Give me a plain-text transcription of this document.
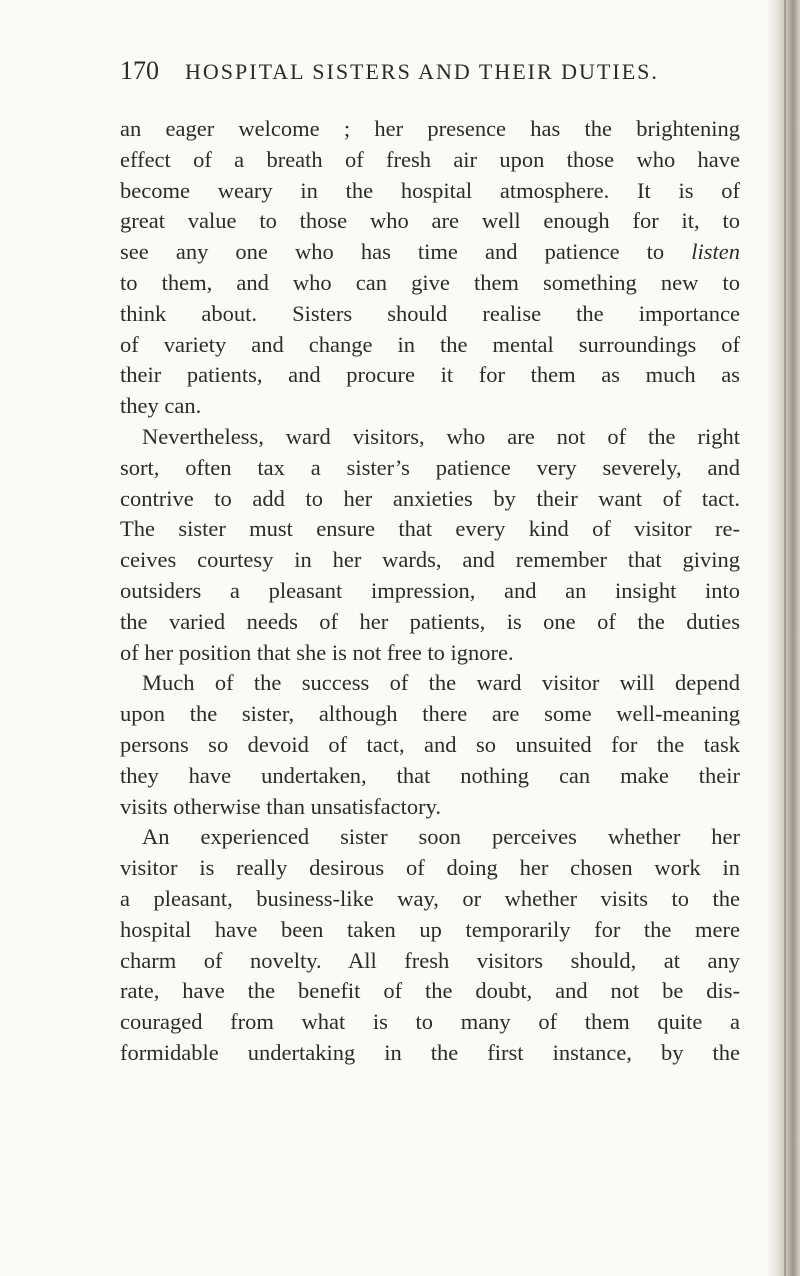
170 HOSPITAL SISTERS AND THEIR DUTIES.
an eager welcome ; her presence has the brightening
effect of a breath of fresh air upon those who have
become weary in the hospital atmosphere. It is of
great value to those who are well enough for it, to
see any one who has time and patience to listen
to them, and who can give them something new to
think about. Sisters should realise the importance
of variety and change in the mental surroundings of
their patients, and procure it for them as much as
they can.
Nevertheless, ward visitors, who are not of the right
sort, often tax a sister’s patience very severely, and
contrive to add to her anxieties by their want of tact.
The sister must ensure that every kind of visitor re-
ceives courtesy in her wards, and remember that giving
outsiders a pleasant impression, and an insight into
the varied needs of her patients, is one of the duties
of her position that she is not free to ignore.
Much of the success of the ward visitor will depend
upon the sister, although there are some well-meaning
persons so devoid of tact, and so unsuited for the task
they have undertaken, that nothing can make their
visits otherwise than unsatisfactory.
An experienced sister soon perceives whether her
visitor is really desirous of doing her chosen work in
a pleasant, business-like way, or whether visits to the
hospital have been taken up temporarily for the mere
charm of novelty. All fresh visitors should, at any
rate, have the benefit of the doubt, and not be dis-
couraged from what is to many of them quite a
formidable undertaking in the first instance, by the
